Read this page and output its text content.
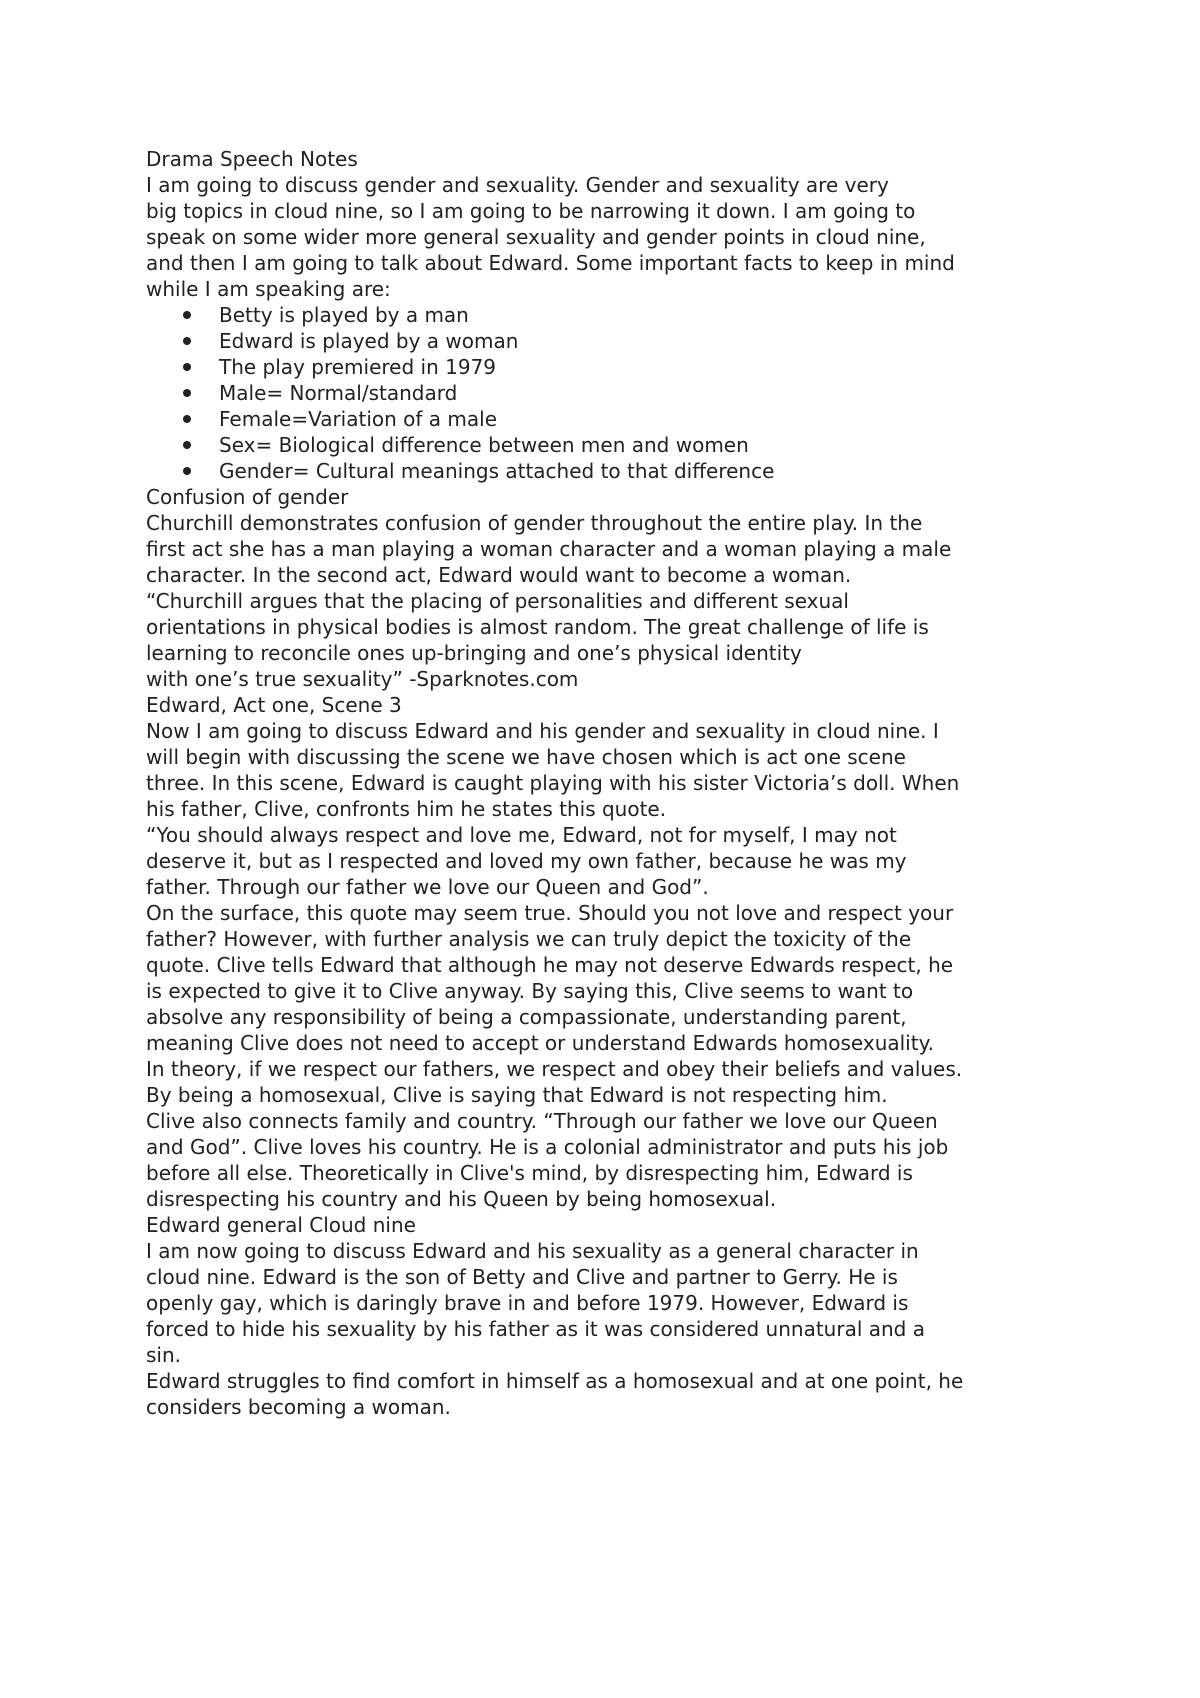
Drama Speech Notes
I am going to discuss gender and sexuality. Gender and sexuality are very
big topics in cloud nine, so I am going to be narrowing it down. I am going to
speak on some wider more general sexuality and gender points in cloud nine,
and then I am going to talk about Edward. Some important facts to keep in mind
while I am speaking are:
Betty is played by a man
Edward is played by a woman
The play premiered in 1979
Male= Normal/standard
Female=Variation of a male
Sex= Biological difference between men and women
Gender= Cultural meanings attached to that difference
Confusion of gender
Churchill demonstrates confusion of gender throughout the entire play. In the
first act she has a man playing a woman character and a woman playing a male
character. In the second act, Edward would want to become a woman.
“Churchill argues that the placing of personalities and different sexual
orientations in physical bodies is almost random. The great challenge of life is
learning to reconcile ones up-bringing and one’s physical identity
with one’s true sexuality” -Sparknotes.com
Edward, Act one, Scene 3
Now I am going to discuss Edward and his gender and sexuality in cloud nine. I
will begin with discussing the scene we have chosen which is act one scene
three. In this scene, Edward is caught playing with his sister Victoria’s doll. When
his father, Clive, confronts him he states this quote.
“You should always respect and love me, Edward, not for myself, I may not
deserve it, but as I respected and loved my own father, because he was my
father. Through our father we love our Queen and God”.
On the surface, this quote may seem true. Should you not love and respect your
father? However, with further analysis we can truly depict the toxicity of the
quote. Clive tells Edward that although he may not deserve Edwards respect, he
is expected to give it to Clive anyway. By saying this, Clive seems to want to
absolve any responsibility of being a compassionate, understanding parent,
meaning Clive does not need to accept or understand Edwards homosexuality.
In theory, if we respect our fathers, we respect and obey their beliefs and values.
By being a homosexual, Clive is saying that Edward is not respecting him.
Clive also connects family and country. “Through our father we love our Queen
and God”. Clive loves his country. He is a colonial administrator and puts his job
before all else. Theoretically in Clive's mind, by disrespecting him, Edward is
disrespecting his country and his Queen by being homosexual.
Edward general Cloud nine
I am now going to discuss Edward and his sexuality as a general character in
cloud nine. Edward is the son of Betty and Clive and partner to Gerry. He is
openly gay, which is daringly brave in and before 1979. However, Edward is
forced to hide his sexuality by his father as it was considered unnatural and a
sin.
Edward struggles to find comfort in himself as a homosexual and at one point, he
considers becoming a woman.
